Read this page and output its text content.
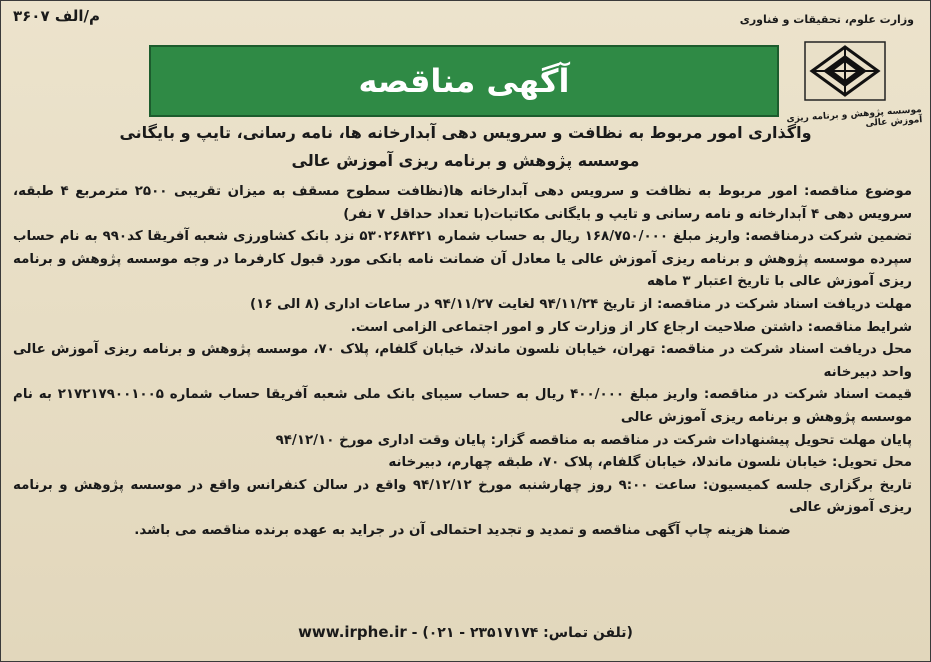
م/الف ۳۶۰۷	وزارت علوم، تحقیقات و فناوری
موسسه پژوهش و برنامه ریزی آموزش عالی
آگهی مناقصه
واگذاری امور مربوط به نظافت و سرویس دهی آبدارخانه ها، نامه رسانی، تایپ و بایگانی
موسسه پژوهش و برنامه ریزی آموزش عالی

موضوع مناقصه: امور مربوط به نظافت و سرویس دهی آبدارخانه ها(نظافت سطوح مسقف به میزان تقریبی ۲۵۰۰ مترمربع ۴ طبقه، سرویس دهی ۴ آبدارخانه و نامه رسانی و تایپ و بایگانی مکاتبات(با تعداد حداقل ۷ نفر)

تضمین شرکت درمناقصه: واریز مبلغ ۱۶۸/۷۵۰/۰۰۰ ریال به حساب شماره ۵۳۰۲۶۸۴۲۱ نزد بانک کشاورزی شعبه آفریقا کد۹۹۰ به نام حساب سپرده موسسه پژوهش و برنامه ریزی آموزش عالی یا معادل آن ضمانت نامه بانکی مورد قبول کارفرما در وجه موسسه پژوهش و برنامه ریزی آموزش عالی با تاریخ اعتبار ۳ ماهه

مهلت دریافت اسناد شرکت در مناقصه: از تاریخ ۹۴/۱۱/۲۴ لغایت ۹۴/۱۱/۲۷ در ساعات اداری (۸ الی ۱۶)

شرایط مناقصه: داشتن صلاحیت ارجاع کار از وزارت کار و امور اجتماعی الزامی است.

محل دریافت اسناد شرکت در مناقصه: تهران، خیابان نلسون ماندلا، خیابان گلفام، پلاک ۷۰، موسسه پژوهش و برنامه ریزی آموزش عالی واحد دبیرخانه

قیمت اسناد شرکت در مناقصه: واریز مبلغ ۴۰۰/۰۰۰ ریال به حساب سیبای بانک ملی شعبه آفریقا حساب شماره ۲۱۷۲۱۷۹۰۰۱۰۰۵ به نام موسسه پژوهش و برنامه ریزی آموزش عالی

پایان مهلت تحویل پیشنهادات شرکت در مناقصه به مناقصه گزار: پایان وقت اداری مورخ ۹۴/۱۲/۱۰

محل تحویل: خیابان نلسون ماندلا، خیابان گلفام، پلاک ۷۰، طبقه چهارم، دبیرخانه

تاریخ برگزاری جلسه کمیسیون: ساعت ۹:۰۰ روز چهارشنبه مورخ ۹۴/۱۲/۱۲ واقع در سالن کنفرانس واقع در موسسه پژوهش و برنامه ریزی آموزش عالی

ضمنا هزینه چاپ آگهی مناقصه و تمدید و تجدید احتمالی آن در جراید به عهده برنده مناقصه می باشد.

(تلفن تماس: ۲۳۵۱۷۱۷۴ - ۰۲۱) - www.irphe.ir
